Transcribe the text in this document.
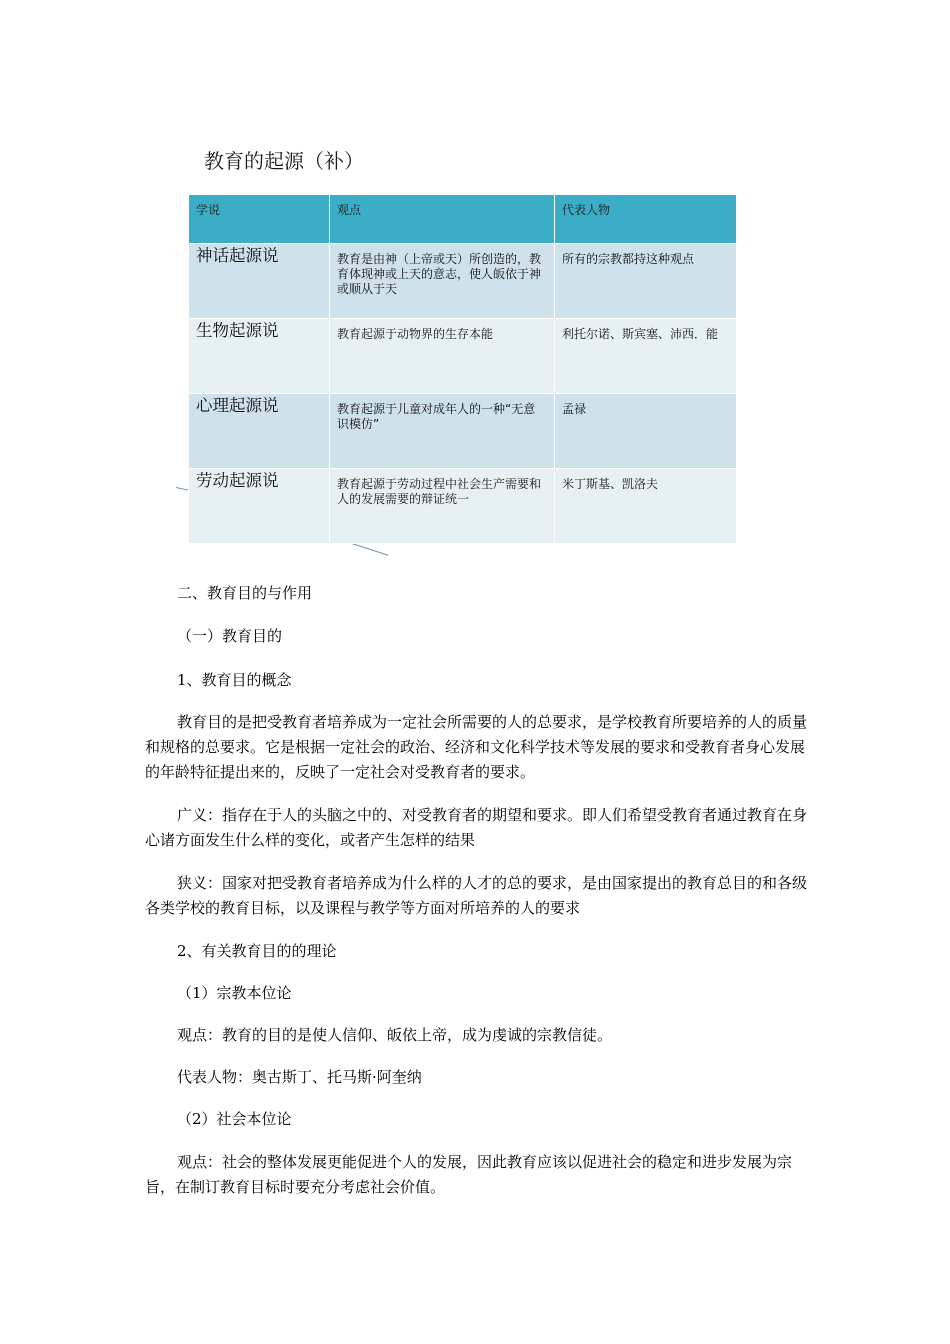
教育的起源（补）
学说	观点	代表人物
神话起源说	教育是由神（上帝或天）所创造的，教育体现神或上天的意志，使人皈依于神或顺从于天	所有的宗教都持这种观点
生物起源说	教育起源于动物界的生存本能	利托尔诺、斯宾塞、沛西．能
心理起源说	教育起源于儿童对成年人的一种“无意识模仿”	孟禄
劳动起源说	教育起源于劳动过程中社会生产需要和人的发展需要的辩证统一	米丁斯基、凯洛夫
二、教育目的与作用
（一）教育目的
1、教育目的概念
教育目的是把受教育者培养成为一定社会所需要的人的总要求，是学校教育所要培养的人的质量和规格的总要求。它是根据一定社会的政治、经济和文化科学技术等发展的要求和受教育者身心发展的年龄特征提出来的，反映了一定社会对受教育者的要求。
广义：指存在于人的头脑之中的、对受教育者的期望和要求。即人们希望受教育者通过教育在身心诸方面发生什么样的变化，或者产生怎样的结果
狭义：国家对把受教育者培养成为什么样的人才的总的要求，是由国家提出的教育总目的和各级各类学校的教育目标，以及课程与教学等方面对所培养的人的要求
2、有关教育目的的理论
（1）宗教本位论
观点：教育的目的是使人信仰、皈依上帝，成为虔诚的宗教信徒。
代表人物：奥古斯丁、托马斯·阿奎纳
（2）社会本位论
观点：社会的整体发展更能促进个人的发展，因此教育应该以促进社会的稳定和进步发展为宗旨，在制订教育目标时要充分考虑社会价值。
